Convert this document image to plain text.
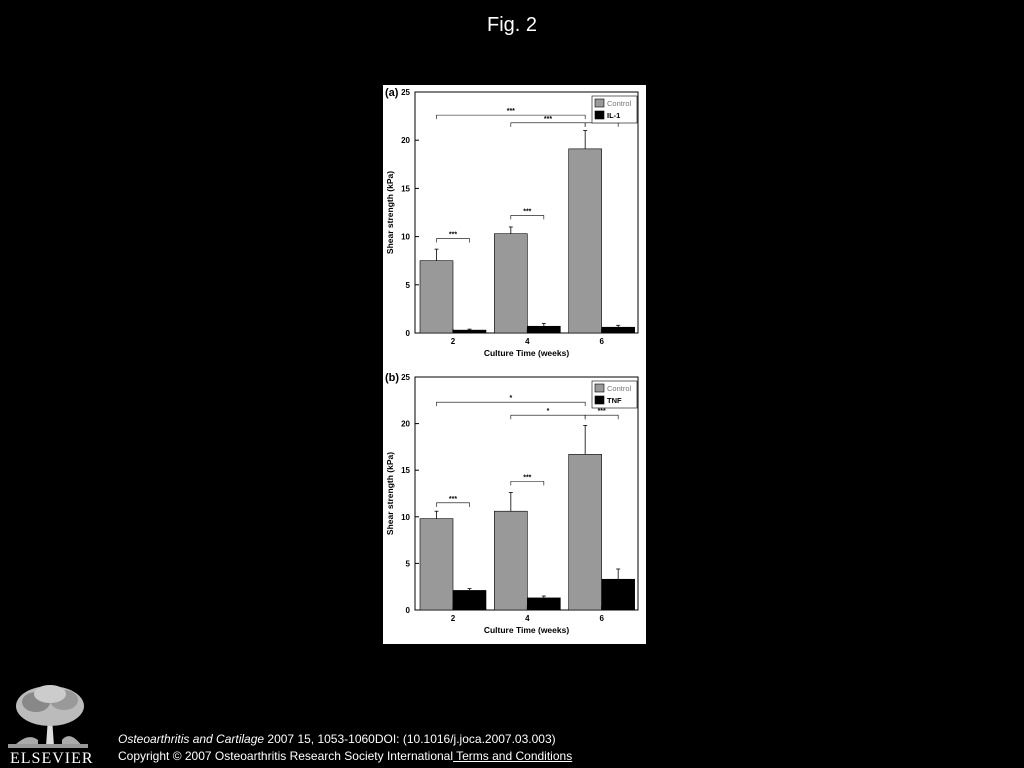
Fig. 2
(a)
0
5
10
15
20
25
Shear strength (kPa)
2	4	6
Culture Time (weeks)
***
***
***
***
Control
IL-1
(b)
0
5
10
15
20
25
Shear strength (kPa)
2	4	6
Culture Time (weeks)
***
***
*
*	***
Control
TNF
ELSEVIER
Osteoarthritis and Cartilage 2007 15, 1053-1060DOI: (10.1016/j.joca.2007.03.003)
Copyright © 2007 Osteoarthritis Research Society International Terms and Conditions
